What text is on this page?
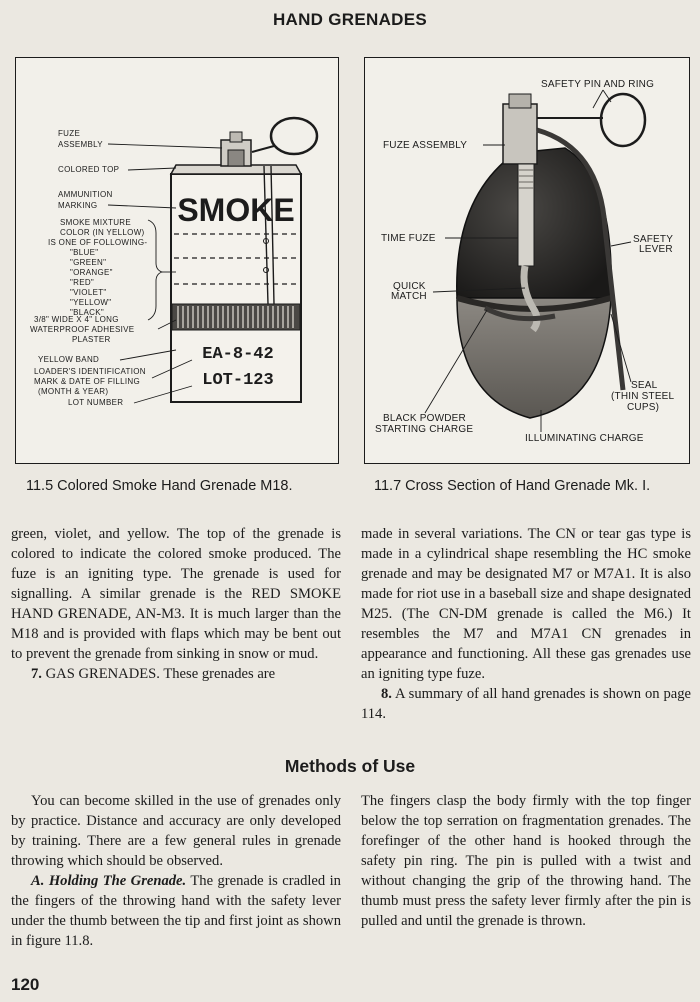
HAND GRENADES
SMOKE
EA-8-42
LOT-123
FUZE
ASSEMBLY
COLORED TOP
AMMUNITION
MARKING
SMOKE MIXTURE
COLOR (IN YELLOW)
IS ONE OF FOLLOWING-
"BLUE"
"GREEN"
"ORANGE"
"RED"
"VIOLET"
"YELLOW"
"BLACK"
3/8" WIDE X 4" LONG
WATERPROOF ADHESIVE
PLASTER
YELLOW BAND
LOADER'S IDENTIFICATION
MARK & DATE OF FILLING
(MONTH & YEAR)
LOT NUMBER
SAFETY PIN AND RING
FUZE ASSEMBLY
TIME FUZE	SAFETY
LEVER
QUICK
MATCH
SEAL
(THIN STEEL
CUPS)
BLACK POWDER
STARTING CHARGE
ILLUMINATING CHARGE
11.5 Colored Smoke Hand Grenade M18.	11.7 Cross Section of Hand Grenade Mk. I.

green, violet, and yellow. The top of the grenade is colored to indicate the colored smoke produced. The fuze is an igniting type. The grenade is used for signalling. A similar grenade is the RED SMOKE HAND GRENADE, AN-M3. It is much larger than the M18 and is provided with flaps which may be bent out to prevent the grenade from sinking in snow or mud.

7. GAS GRENADES. These grenades are

made in several variations. The CN or tear gas type is made in a cylindrical shape resembling the HC smoke grenade and may be designated M7 or M7A1. It is also made for riot use in a baseball size and shape designated M25. (The CN-DM grenade is called the M6.) It resembles the M7 and M7A1 CN grenades in appearance and functioning. All these gas grenades use an igniting type fuze.

8. A summary of all hand grenades is shown on page 114.

Methods of Use

You can become skilled in the use of grenades only by practice. Distance and accuracy are only developed by training. There are a few general rules in grenade throwing which should be observed.

A. Holding The Grenade. The grenade is cradled in the fingers of the throwing hand with the safety lever under the thumb between the tip and first joint as shown in figure 11.8.

The fingers clasp the body firmly with the top finger below the top serration on fragmentation grenades. The forefinger of the other hand is hooked through the safety pin ring. The pin is pulled with a twist and without changing the grip of the throwing hand. The thumb must press the safety lever firmly after the pin is pulled and until the grenade is thrown.

120
